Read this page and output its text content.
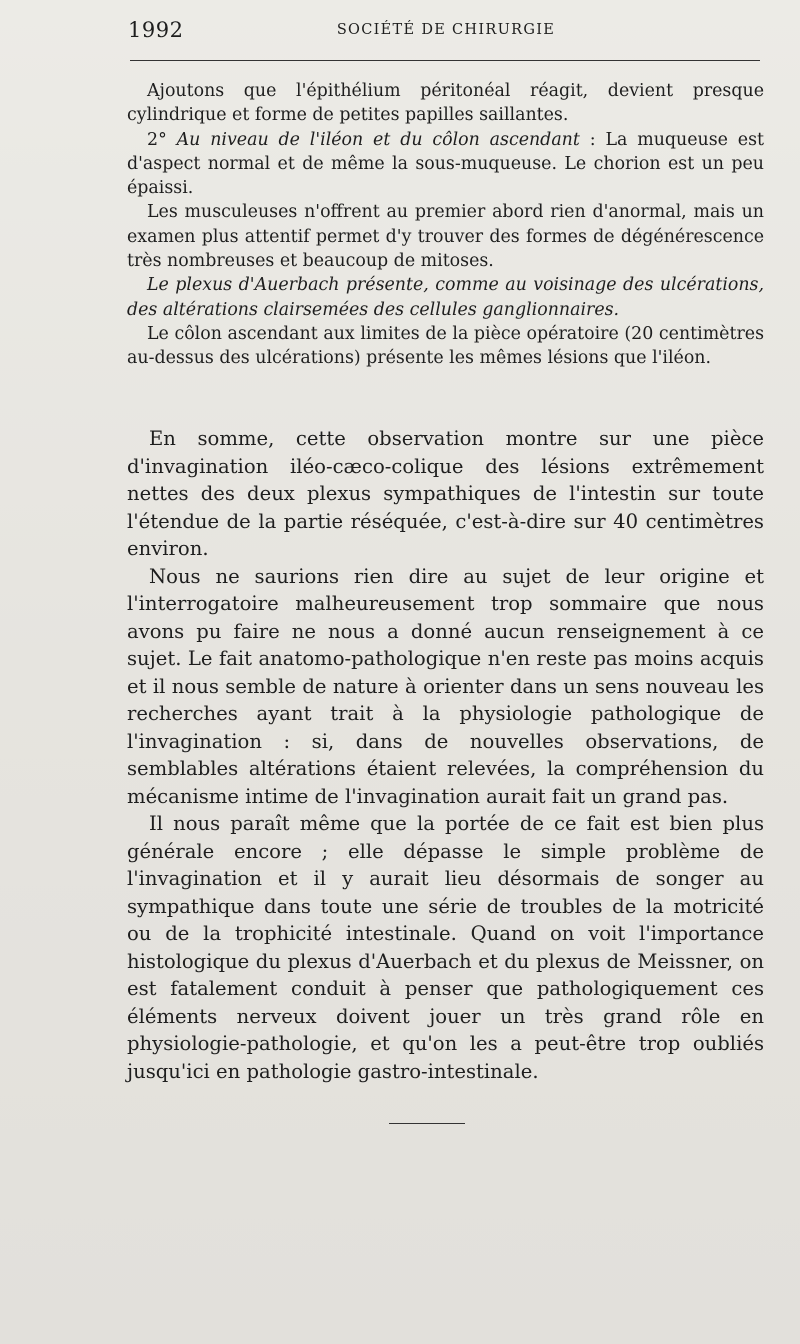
1992	SOCIÉTÉ DE CHIRURGIE

Ajoutons que l'épithélium péritonéal réagit, devient presque cylindrique et forme de petites papilles saillantes.

2° Au niveau de l'iléon et du côlon ascendant : La muqueuse est d'aspect normal et de même la sous-muqueuse. Le chorion est un peu épaissi.

Les musculeuses n'offrent au premier abord rien d'anormal, mais un examen plus attentif permet d'y trouver des formes de dégénérescence très nombreuses et beaucoup de mitoses.

Le plexus d'Auerbach présente, comme au voisinage des ulcérations, des altérations clairsemées des cellules ganglionnaires.

Le côlon ascendant aux limites de la pièce opératoire (20 centimètres au-dessus des ulcérations) présente les mêmes lésions que l'iléon.

En somme, cette observation montre sur une pièce d'invagination iléo-cæco-colique des lésions extrêmement nettes des deux plexus sympathiques de l'intestin sur toute l'étendue de la partie réséquée, c'est-à-dire sur 40 centimètres environ.

Nous ne saurions rien dire au sujet de leur origine et l'interrogatoire malheureusement trop sommaire que nous avons pu faire ne nous a donné aucun renseignement à ce sujet. Le fait anatomo-pathologique n'en reste pas moins acquis et il nous semble de nature à orienter dans un sens nouveau les recherches ayant trait à la physiologie pathologique de l'invagination : si, dans de nouvelles observations, de semblables altérations étaient relevées, la compréhension du mécanisme intime de l'invagination aurait fait un grand pas.

Il nous paraît même que la portée de ce fait est bien plus générale encore ; elle dépasse le simple problème de l'invagination et il y aurait lieu désormais de songer au sympathique dans toute une série de troubles de la motricité ou de la trophicité intestinale. Quand on voit l'importance histologique du plexus d'Auerbach et du plexus de Meissner, on est fatalement conduit à penser que pathologiquement ces éléments nerveux doivent jouer un très grand rôle en physiologie-pathologie, et qu'on les a peut-être trop oubliés jusqu'ici en pathologie gastro-intestinale.
